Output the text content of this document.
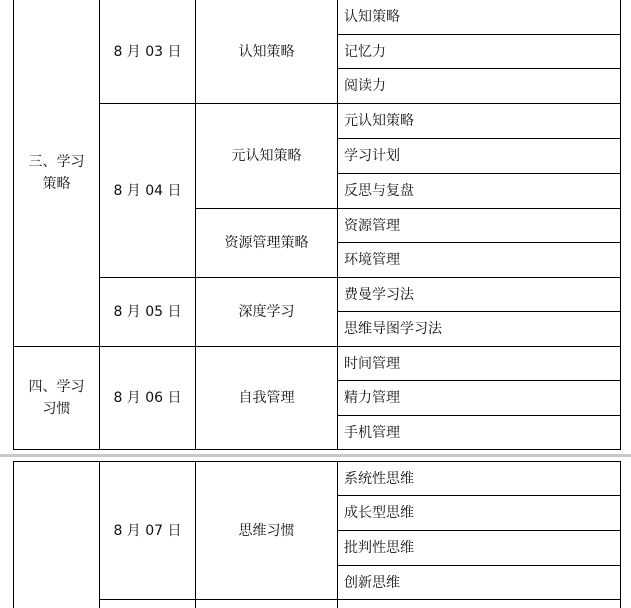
三、学习策略
四、学习习惯
8 月 03 日
8 月 04 日
8 月 05 日
8 月 06 日
认知策略
元认知策略
资源管理策略
深度学习
自我管理
认知策略
记忆力
阅读力
元认知策略
学习计划
反思与复盘
资源管理
环境管理
费曼学习法
思维导图学习法
时间管理
精力管理
手机管理
8 月 07 日	思维习惯
系统性思维
成长型思维
批判性思维
创新思维
